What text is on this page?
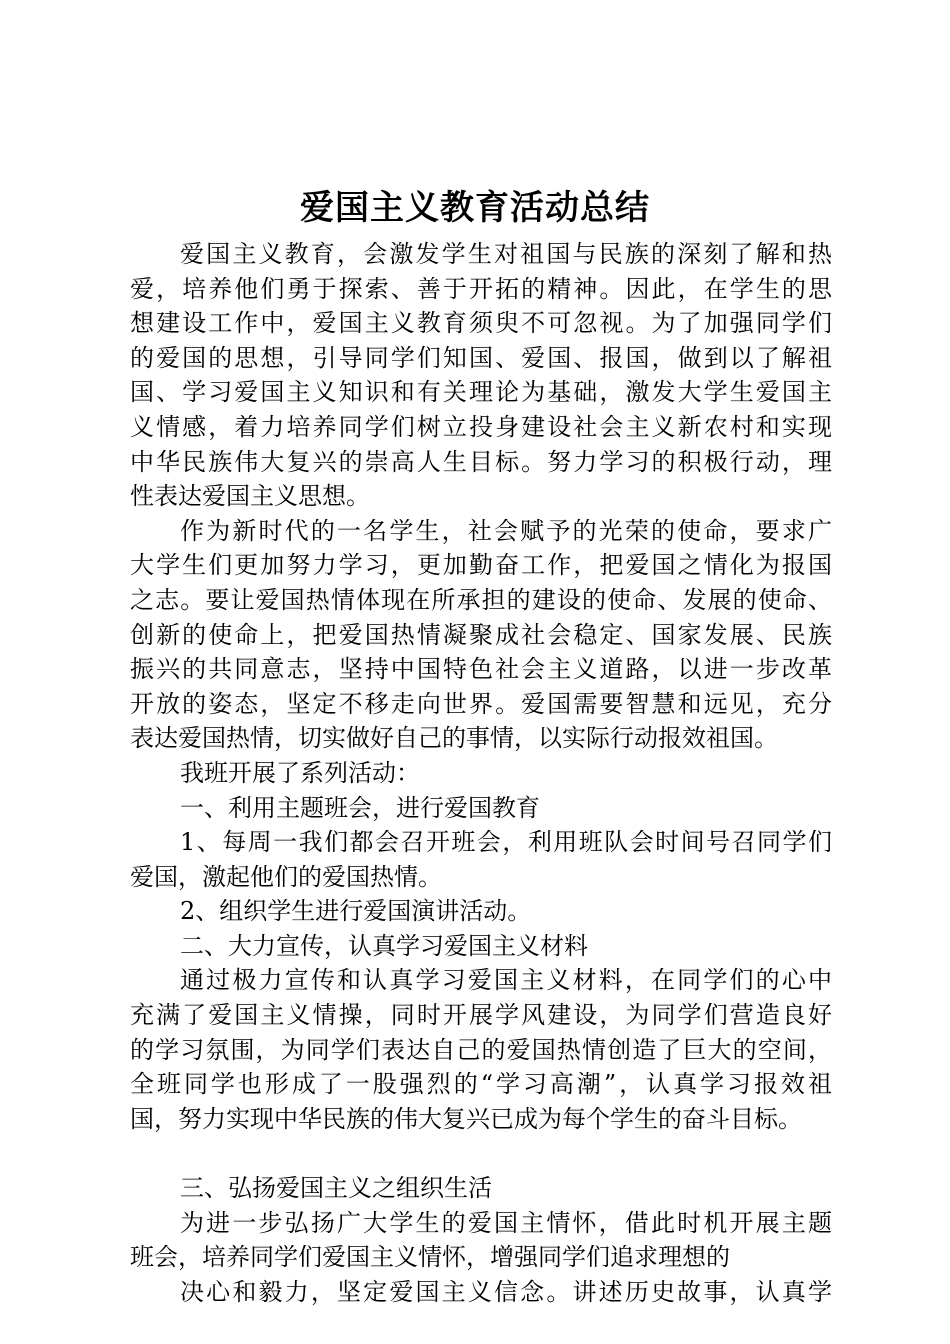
爱国主义教育活动总结
爱国主义教育，会激发学生对祖国与民族的深刻了解和热
爱，培养他们勇于探索、善于开拓的精神。因此，在学生的思
想建设工作中，爱国主义教育须臾不可忽视。为了加强同学们
的爱国的思想，引导同学们知国、爱国、报国，做到以了解祖
国、学习爱国主义知识和有关理论为基础，激发大学生爱国主
义情感，着力培养同学们树立投身建设社会主义新农村和实现
中华民族伟大复兴的崇高人生目标。努力学习的积极行动，理
性表达爱国主义思想。
作为新时代的一名学生，社会赋予的光荣的使命，要求广
大学生们更加努力学习，更加勤奋工作，把爱国之情化为报国
之志。要让爱国热情体现在所承担的建设的使命、发展的使命、
创新的使命上，把爱国热情凝聚成社会稳定、国家发展、民族
振兴的共同意志，坚持中国特色社会主义道路，以进一步改革
开放的姿态，坚定不移走向世界。爱国需要智慧和远见，充分
表达爱国热情，切实做好自己的事情，以实际行动报效祖国。
我班开展了系列活动：
一、利用主题班会，进行爱国教育
1、每周一我们都会召开班会，利用班队会时间号召同学们
爱国，激起他们的爱国热情。
2、组织学生进行爱国演讲活动。
二、大力宣传，认真学习爱国主义材料
通过极力宣传和认真学习爱国主义材料，在同学们的心中
充满了爱国主义情操，同时开展学风建设，为同学们营造良好
的学习氛围，为同学们表达自己的爱国热情创造了巨大的空间，
全班同学也形成了一股强烈的“学习高潮”，认真学习报效祖
国，努力实现中华民族的伟大复兴已成为每个学生的奋斗目标。
三、弘扬爱国主义之组织生活
为进一步弘扬广大学生的爱国主情怀，借此时机开展主题
班会，培养同学们爱国主义情怀，增强同学们追求理想的
决心和毅力，坚定爱国主义信念。讲述历史故事，认真学
